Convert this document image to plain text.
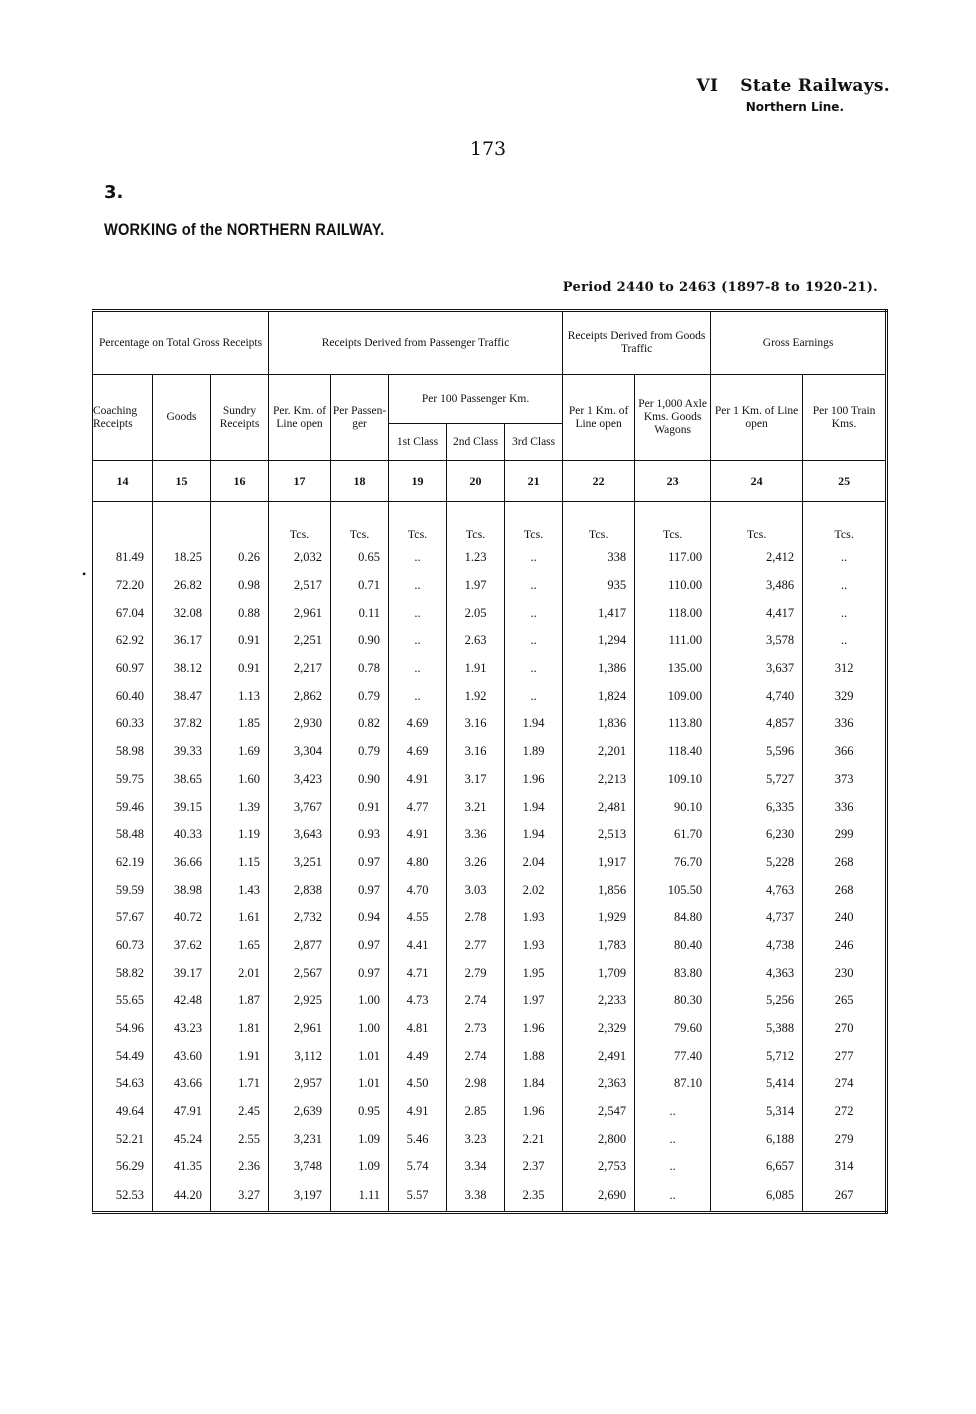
VI State Railways.
Northern Line.
173
3.
WORKING of the NORTHERN RAILWAY.
Period 2440 to 2463 (1897-8 to 1920-21).
Percentage on Total Gross Receipts			Receipts Derived from Passenger Traffic					Receipts Derived from Goods Traffic		Gross Earnings	
Coaching Receipts	Goods	Sundry Receipts	Per. Km. of Line open	Per Passen- ger	Per 100 Passenger Km.			Per 1 Km. of Line open	Per 1,000 Axle Kms. Goods Wagons	Per 1 Km. of Line open	Per 100 Train Kms.
					1st Class	2nd Class	3rd Class				
14	15	16	17	18	19	20	21	22	23	24	25

			Tcs.	Tcs.	Tcs.	Tcs.	Tcs.	Tcs.	Tcs.	Tcs.	Tcs.
81.49	18.25	0.26	2,032	0.65	..	1.23	..	338	117.00	2,412	..
72.20	26.82	0.98	2,517	0.71	..	1.97	..	935	110.00	3,486	..
67.04	32.08	0.88	2,961	0.11	..	2.05	..	1,417	118.00	4,417	..
62.92	36.17	0.91	2,251	0.90	..	2.63	..	1,294	111.00	3,578	..
60.97	38.12	0.91	2,217	0.78	..	1.91	..	1,386	135.00	3,637	312
60.40	38.47	1.13	2,862	0.79	..	1.92	..	1,824	109.00	4,740	329
60.33	37.82	1.85	2,930	0.82	4.69	3.16	1.94	1,836	113.80	4,857	336
58.98	39.33	1.69	3,304	0.79	4.69	3.16	1.89	2,201	118.40	5,596	366
59.75	38.65	1.60	3,423	0.90	4.91	3.17	1.96	2,213	109.10	5,727	373
59.46	39.15	1.39	3,767	0.91	4.77	3.21	1.94	2,481	90.10	6,335	336
58.48	40.33	1.19	3,643	0.93	4.91	3.36	1.94	2,513	61.70	6,230	299
62.19	36.66	1.15	3,251	0.97	4.80	3.26	2.04	1,917	76.70	5,228	268
59.59	38.98	1.43	2,838	0.97	4.70	3.03	2.02	1,856	105.50	4,763	268
57.67	40.72	1.61	2,732	0.94	4.55	2.78	1.93	1,929	84.80	4,737	240
60.73	37.62	1.65	2,877	0.97	4.41	2.77	1.93	1,783	80.40	4,738	246
58.82	39.17	2.01	2,567	0.97	4.71	2.79	1.95	1,709	83.80	4,363	230
55.65	42.48	1.87	2,925	1.00	4.73	2.74	1.97	2,233	80.30	5,256	265
54.96	43.23	1.81	2,961	1.00	4.81	2.73	1.96	2,329	79.60	5,388	270
54.49	43.60	1.91	3,112	1.01	4.49	2.74	1.88	2,491	77.40	5,712	277
54.63	43.66	1.71	2,957	1.01	4.50	2.98	1.84	2,363	87.10	5,414	274
49.64	47.91	2.45	2,639	0.95	4.91	2.85	1.96	2,547	..	5,314	272
52.21	45.24	2.55	3,231	1.09	5.46	3.23	2.21	2,800	..	6,188	279
56.29	41.35	2.36	3,748	1.09	5.74	3.34	2.37	2,753	..	6,657	314
52.53	44.20	3.27	3,197	1.11	5.57	3.38	2.35	2,690	..	6,085	267
•
